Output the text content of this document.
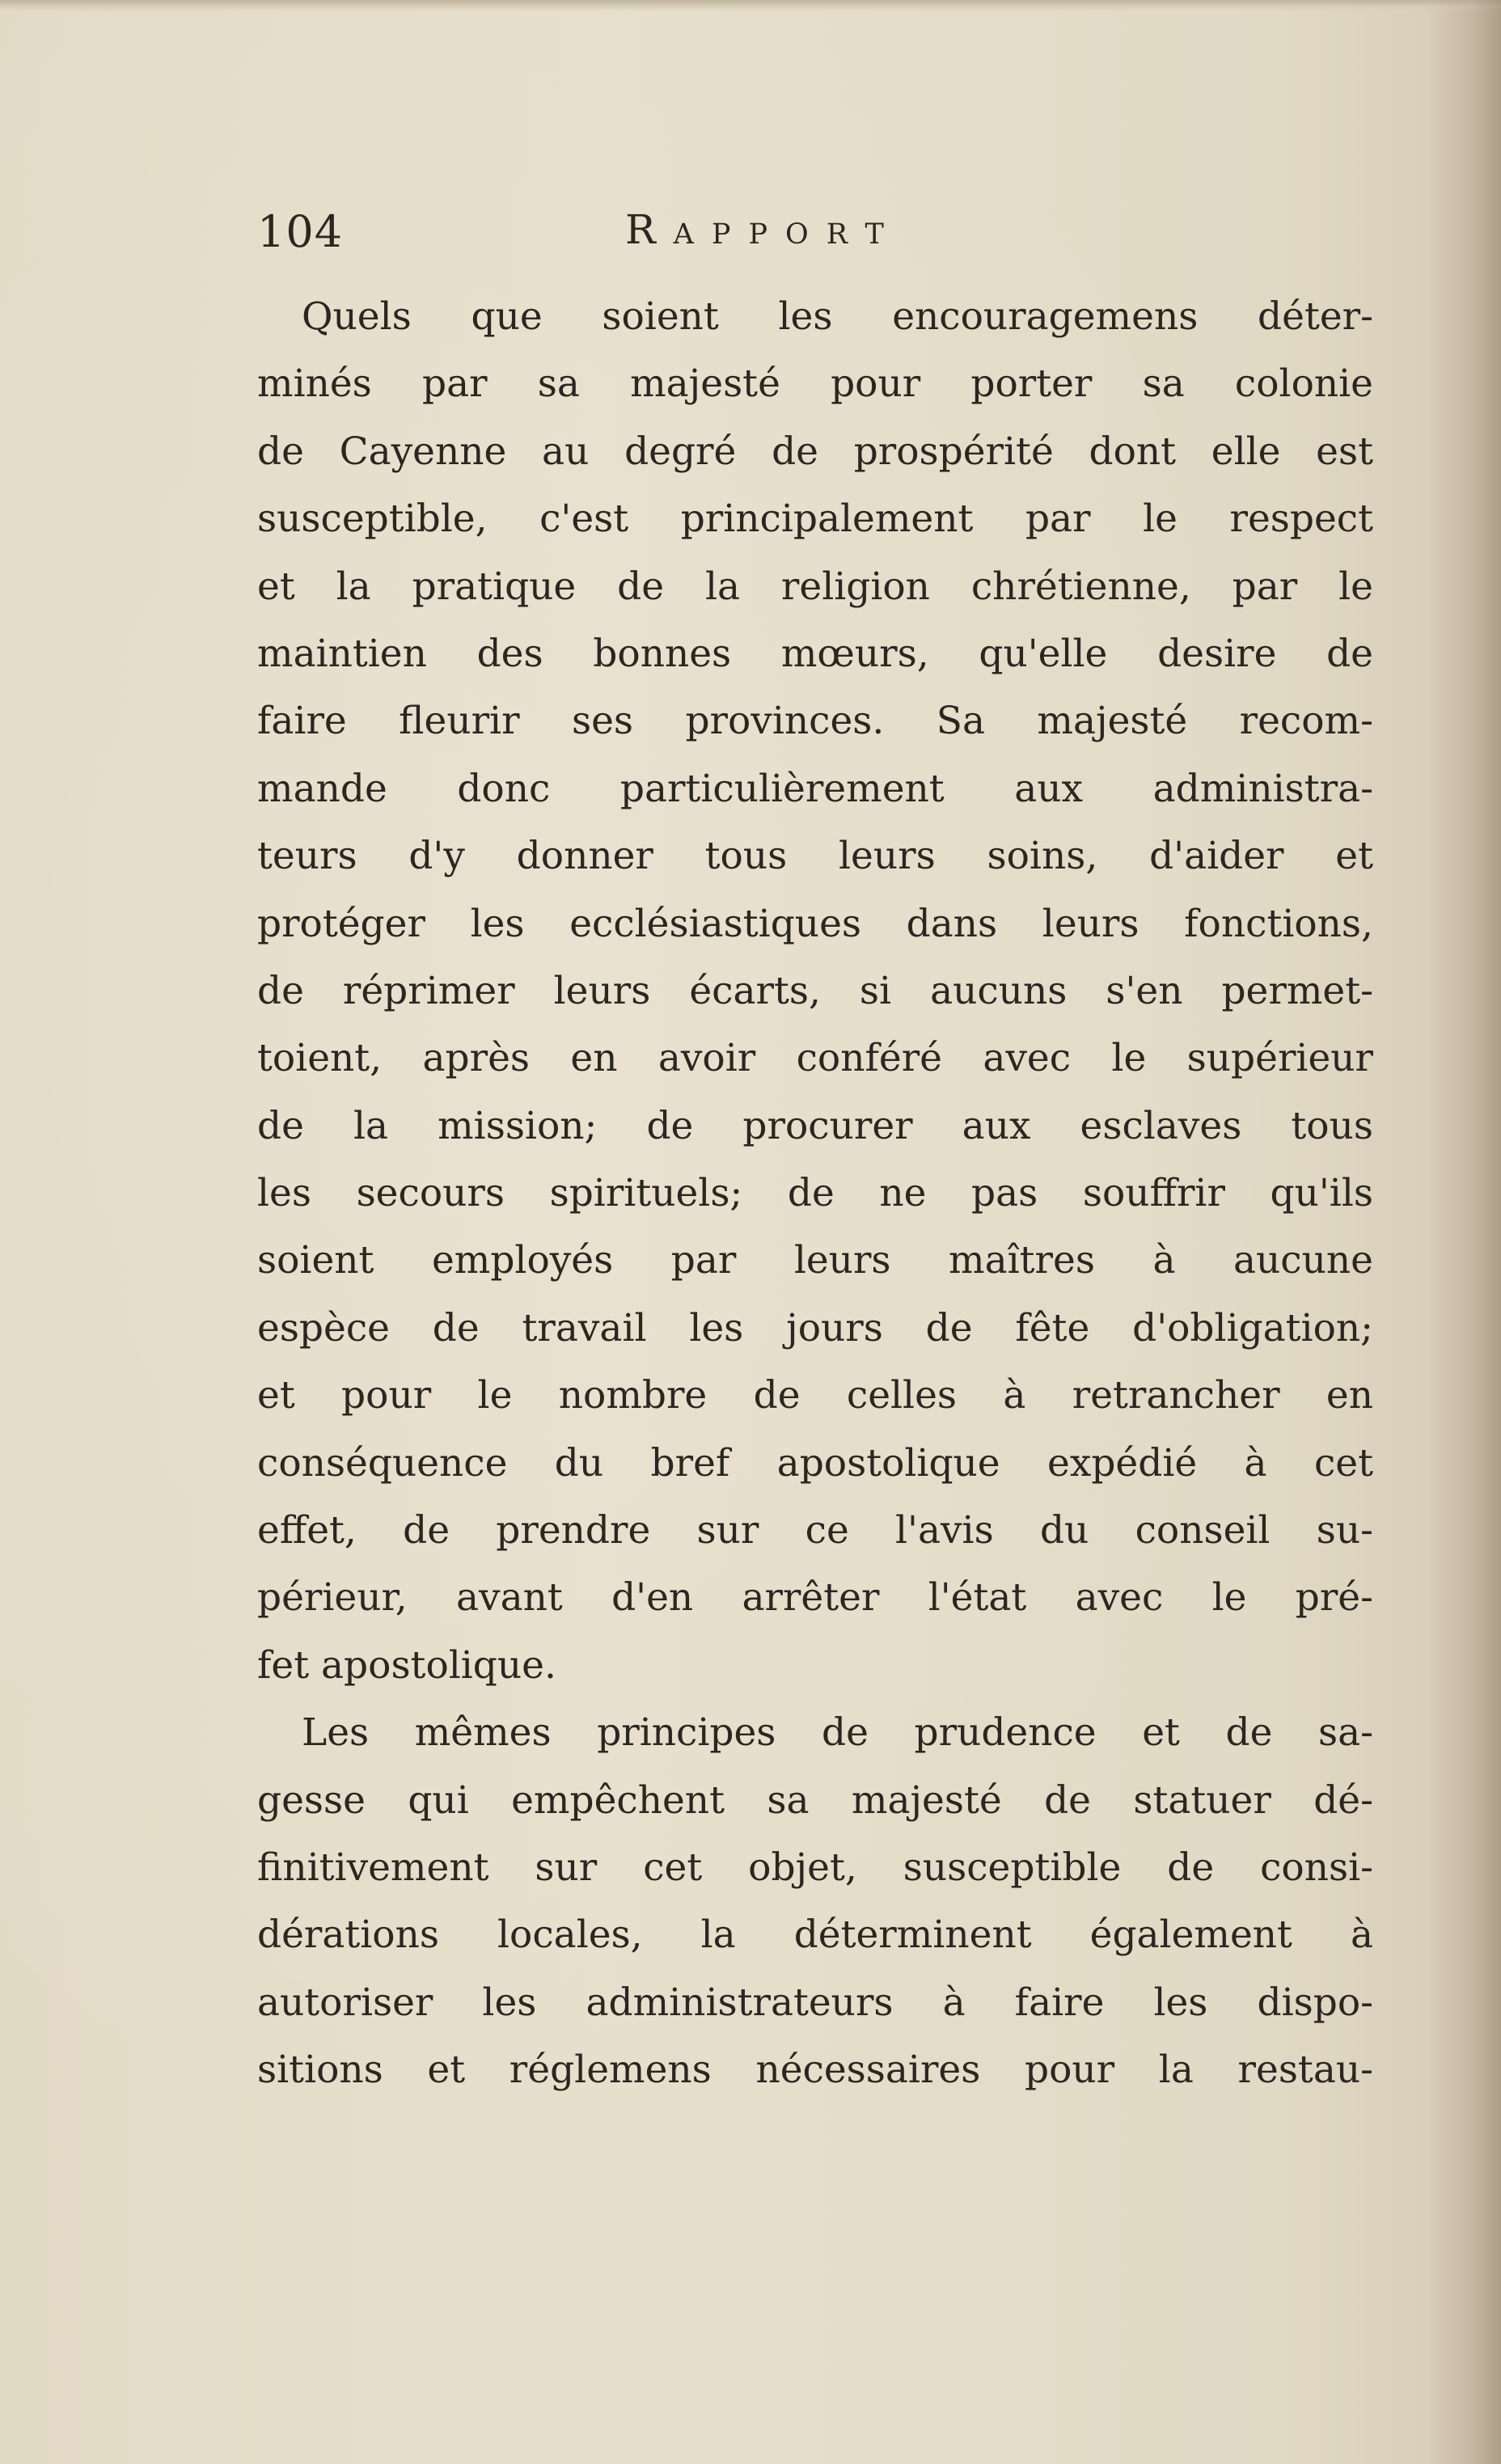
104	Rapport
Quels que soient les encouragemens déter-
minés par sa majesté pour porter sa colonie
de Cayenne au degré de prospérité dont elle est
susceptible, c'est principalement par le respect
et la pratique de la religion chrétienne, par le
maintien des bonnes mœurs, qu'elle desire de
faire fleurir ses provinces. Sa majesté recom-
mande donc particulièrement aux administra-
teurs d'y donner tous leurs soins, d'aider et
protéger les ecclésiastiques dans leurs fonctions,
de réprimer leurs écarts, si aucuns s'en permet-
toient, après en avoir conféré avec le supérieur
de la mission; de procurer aux esclaves tous
les secours spirituels; de ne pas souffrir qu'ils
soient employés par leurs maîtres à aucune
espèce de travail les jours de fête d'obligation;
et pour le nombre de celles à retrancher en
conséquence du bref apostolique expédié à cet
effet, de prendre sur ce l'avis du conseil su-
périeur, avant d'en arrêter l'état avec le pré-
fet apostolique.
Les mêmes principes de prudence et de sa-
gesse qui empêchent sa majesté de statuer dé-
finitivement sur cet objet, susceptible de consi-
dérations locales, la déterminent également à
autoriser les administrateurs à faire les dispo-
sitions et réglemens nécessaires pour la restau-
